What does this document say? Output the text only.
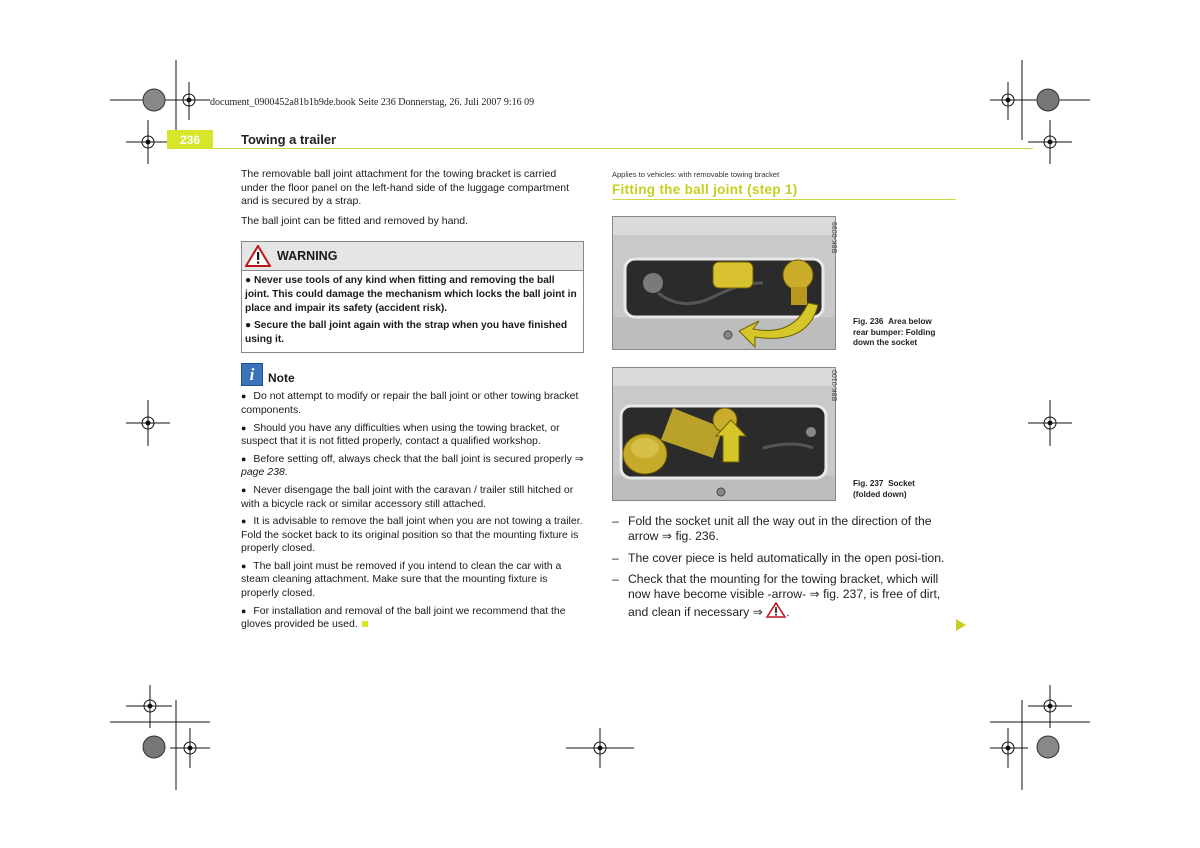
document_0900452a81b1b9de.book Seite 236 Donnerstag, 26. Juli 2007 9:16 09
236	Towing a trailer

The removable ball joint attachment for the towing bracket is carried under the floor panel on the left-hand side of the luggage compartment and is secured by a strap.

The ball joint can be fitted and removed by hand.

WARNING

● Never use tools of any kind when fitting and removing the ball joint. This could damage the mechanism which locks the ball joint in place and impair its safety (accident risk).

● Secure the ball joint again with the strap when you have finished using it.

i	Note
● Do not attempt to modify or repair the ball joint or other towing bracket components.
● Should you have any difficulties when using the towing bracket, or suspect that it is not fitted properly, contact a qualified workshop.
● Before setting off, always check that the ball joint is secured properly ⇒ page 238.
● Never disengage the ball joint with the caravan / trailer still hitched or with a bicycle rack or similar accessory still attached.
● It is advisable to remove the ball joint when you are not towing a trailer. Fold the socket back to its original position so that the mounting fixture is properly closed.
● The ball joint must be removed if you intend to clean the car with a steam cleaning attachment. Make sure that the mounting fixture is properly closed.
● For installation and removal of the ball joint we recommend that the gloves provided be used.
Applies to vehicles: with removable towing bracket
Fitting the ball joint (step 1)
B8K-0099
Fig. 236 Area below
rear bumper: Folding
down the socket
B8K-0100
Fig. 237 Socket
(folded down)
– Fold the socket unit all the way out in the direction of the arrow ⇒ fig. 236.
– The cover piece is held automatically in the open posi-tion.
– Check that the mounting for the towing bracket, which will now have become visible -arrow- ⇒ fig. 237, is free of dirt, and clean if necessary ⇒ .
